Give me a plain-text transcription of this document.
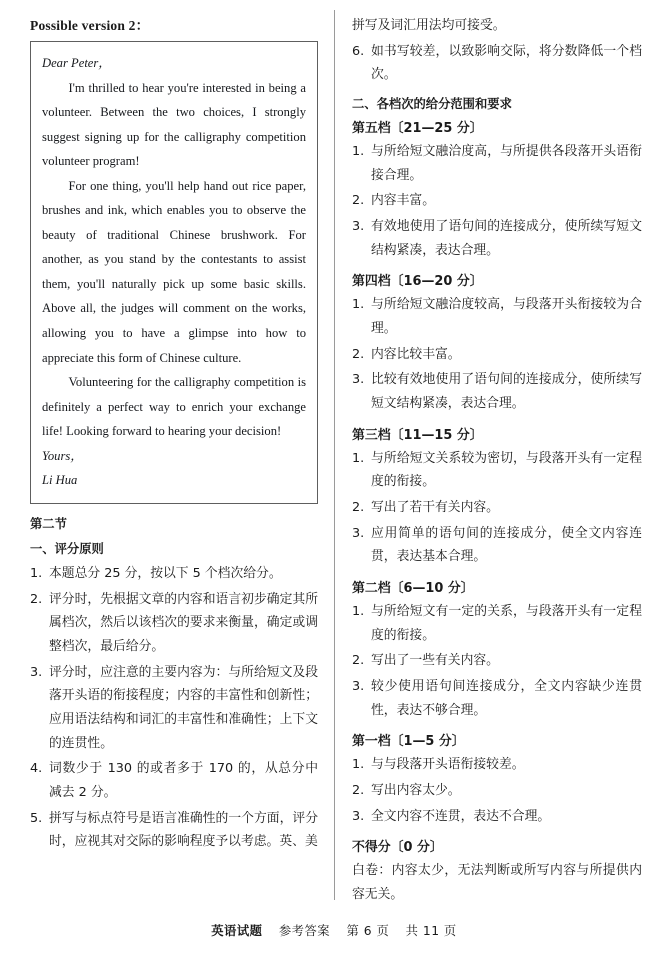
Possible version 2：

Dear Peter，

I'm thrilled to hear you're interested in being a volunteer. Between the two choices, I strongly suggest signing up for the calligraphy competition volunteer program!

For one thing, you'll help hand out rice paper, brushes and ink, which enables you to observe the beauty of traditional Chinese brushwork. For another, as you stand by the contestants to assist them, you'll naturally pick up some basic skills. Above all, the judges will comment on the works, allowing you to have a glimpse into how to appreciate this form of Chinese culture.

Volunteering for the calligraphy competition is definitely a perfect way to enrich your exchange life! Looking forward to hearing your decision!

Yours，

Li Hua

第二节
一、评分原则
1. 本题总分 25 分，按以下 5 个档次给分。
2. 评分时，先根据文章的内容和语言初步确定其所属档次，然后以该档次的要求来衡量，确定或调整档次，最后给分。
3. 评分时，应注意的主要内容为：与所给短文及段落开头语的衔接程度；内容的丰富性和创新性；应用语法结构和词汇的丰富性和准确性；上下文的连贯性。
4. 词数少于 130 的或者多于 170 的，从总分中减去 2 分。
5. 拼写与标点符号是语言准确性的一个方面，评分时，应视其对交际的影响程度予以考虑。英、美

拼写及词汇用法均可接受。

6. 如书写较差，以致影响交际，将分数降低一个档次。
二、各档次的给分范围和要求
第五档〔21—25 分〕
1. 与所给短文融洽度高，与所提供各段落开头语衔接合理。
2. 内容丰富。
3. 有效地使用了语句间的连接成分，使所续写短文结构紧凑，表达合理。
第四档〔16—20 分〕
1. 与所给短文融洽度较高，与段落开头衔接较为合理。
2. 内容比较丰富。
3. 比较有效地使用了语句间的连接成分，使所续写短文结构紧凑，表达合理。
第三档〔11—15 分〕
1. 与所给短文关系较为密切，与段落开头有一定程度的衔接。
2. 写出了若干有关内容。
3. 应用简单的语句间的连接成分，使全文内容连贯，表达基本合理。
第二档〔6—10 分〕
1. 与所给短文有一定的关系，与段落开头有一定程度的衔接。
2. 写出了一些有关内容。
3. 较少使用语句间连接成分，全文内容缺少连贯性，表达不够合理。
第一档〔1—5 分〕
1. 与与段落开头语衔接较差。
2. 写出内容太少。
3. 全文内容不连贯，表达不合理。
不得分〔0 分〕

白卷：内容太少，无法判断或所写内容与所提供内容无关。

英语试题 参考答案 第 6 页 共 11 页
